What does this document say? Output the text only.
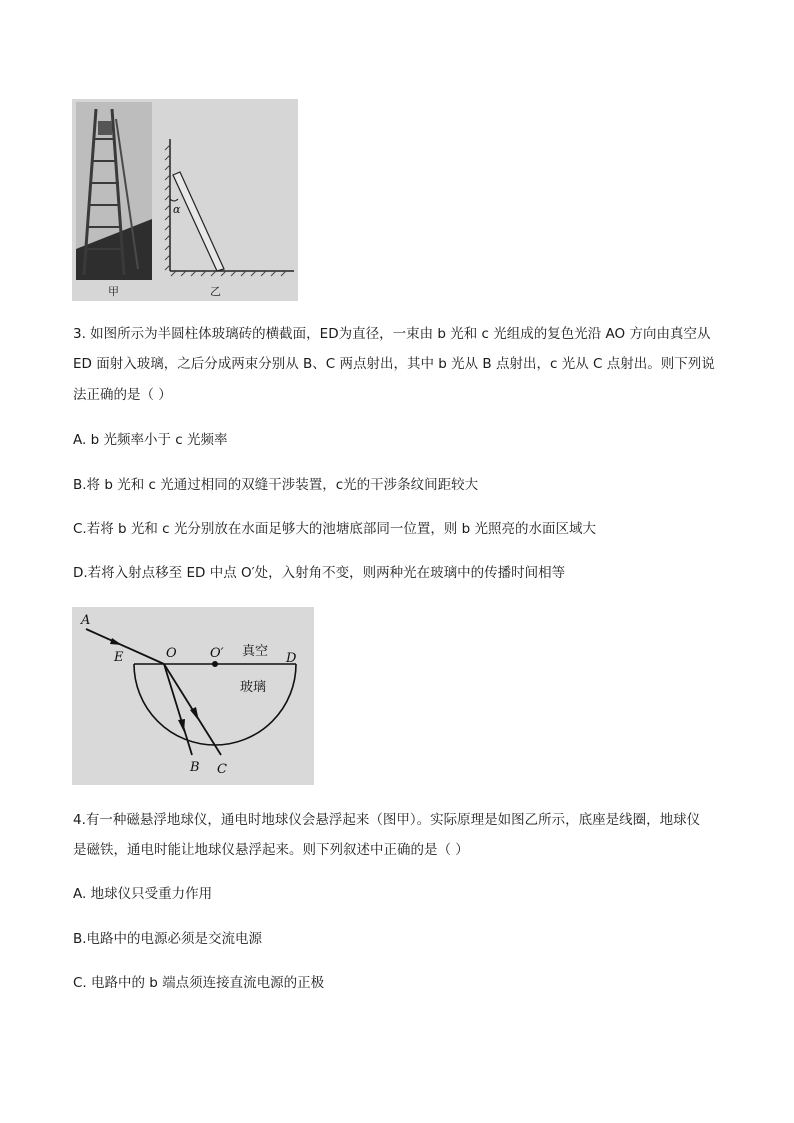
甲
α
乙
3. 如图所示为半圆柱体玻璃砖的横截面，ED为直径，一束由 b 光和 c 光组成的复色光沿 AO 方向由真空从
ED 面射入玻璃，之后分成两束分别从 B、C 两点射出，其中 b 光从 B 点射出，c 光从 C 点射出。则下列说
法正确的是（ ）
A. b 光频率小于 c 光频率
B.将 b 光和 c 光通过相同的双缝干涉装置，c光的干涉条纹间距较大
C.若将 b 光和 c 光分别放在水面足够大的池塘底部同一位置，则 b 光照亮的水面区域大
D.若将入射点移至 ED 中点 O′处，入射角不变，则两种光在玻璃中的传播时间相等
A
E	O	O′ 真空 D
玻璃
B C
4.有一种磁悬浮地球仪，通电时地球仪会悬浮起来（图甲）。实际原理是如图乙所示，底座是线圈，地球仪
是磁铁，通电时能让地球仪悬浮起来。则下列叙述中正确的是（ ）
A. 地球仪只受重力作用
B.电路中的电源必须是交流电源
C. 电路中的 b 端点须连接直流电源的正极
